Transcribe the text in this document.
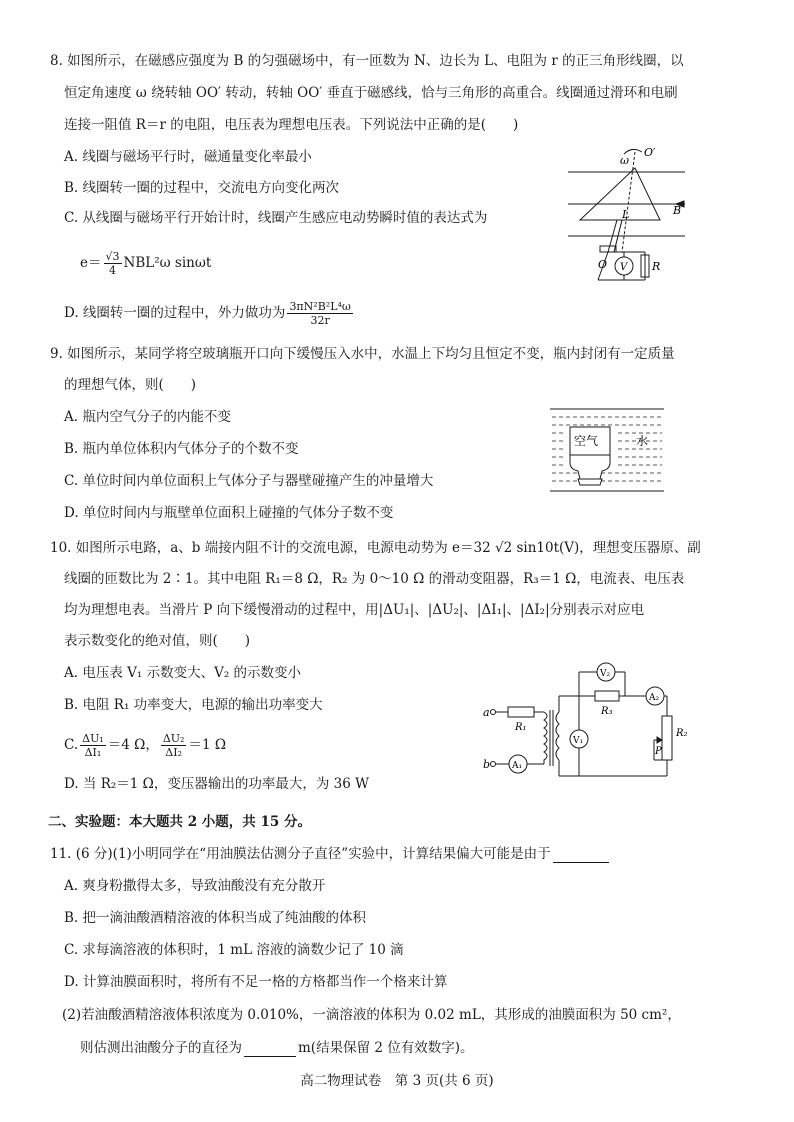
8. 如图所示，在磁感应强度为 B 的匀强磁场中，有一匝数为 N、边长为 L、电阻为 r 的正三角形线圈，以
恒定角速度 ω 绕转轴 OO′ 转动，转轴 OO′ 垂直于磁感线，恰与三角形的高重合。线圈通过滑环和电刷
连接一阻值 R＝r 的电阻，电压表为理想电压表。下列说法中正确的是(　　)
A. 线圈与磁场平行时，磁通量变化率最小
B. 线圈转一圈的过程中，交流电方向变化两次
C. 从线圈与磁场平行开始计时，线圈产生感应电动势瞬时值的表达式为
$e= \frac{√3}{4} NBL^2\omega$ sinωt
D. 线圈转一圈的过程中，外力做功为 $\frac{\text{3πN²B²L⁴ω}}{32r}$
ω
O′
B
L
O V R
9. 如图所示，某同学将空玻璃瓶开口向下缓慢压入水中，水温上下均匀且恒定不变，瓶内封闭有一定质量
的理想气体，则(　　)
A. 瓶内空气分子的内能不变
B. 瓶内单位体积内气体分子的个数不变
C. 单位时间内单位面积上气体分子与器壁碰撞产生的冲量增大
D. 单位时间内与瓶壁单位面积上碰撞的气体分子数不变
空气	水
10. 如图所示电路，a、b 端接内阻不计的交流电源，电源电动势为 e＝32 √2 sin10t(V)，理想变压器原、副
线圈的匝数比为 2∶1。其中电阻 R₁＝8 Ω，R₂ 为 0～10 Ω 的滑动变阻器，R₃＝1 Ω，电流表、电压表
均为理想电表。当滑片 P 向下缓慢滑动的过程中，用|ΔU₁|、|ΔU₂|、|ΔI₁|、|ΔI₂|分别表示对应电
表示数变化的绝对值，则(　　)
A. 电压表 V₁ 示数变大、V₂ 的示数变小
B. 电阻 R₁ 功率变大，电源的输出功率变大
C. $\frac{\text{ΔU₁}}{\text{ΔI₁}} =4$ Ω， $\frac{\text{ΔU₂}}{\text{ΔI₂}} =1$ Ω
D. 当 R₂＝1 Ω，变压器输出的功率最大，为 36 W
a
b
R₁
A₁
V₁
V₂
R₃
A₂
P
R₂
二、实验题：本大题共 2 小题，共 15 分。
11. (6 分)(1)小明同学在“用油膜法估测分子直径”实验中，计算结果偏大可能是由于
A. 爽身粉撒得太多，导致油酸没有充分散开
B. 把一滴油酸酒精溶液的体积当成了纯油酸的体积
C. 求每滴溶液的体积时，1 mL 溶液的滴数少记了 10 滴
D. 计算油膜面积时，将所有不足一格的方格都当作一个格来计算
(2)若油酸酒精溶液体积浓度为 0.010%，一滴溶液的体积为 0.02 mL，其形成的油膜面积为 50 cm²，
则估测出油酸分子的直径为	m(结果保留 2 位有效数字)。
高二物理试卷　第 3 页(共 6 页)
